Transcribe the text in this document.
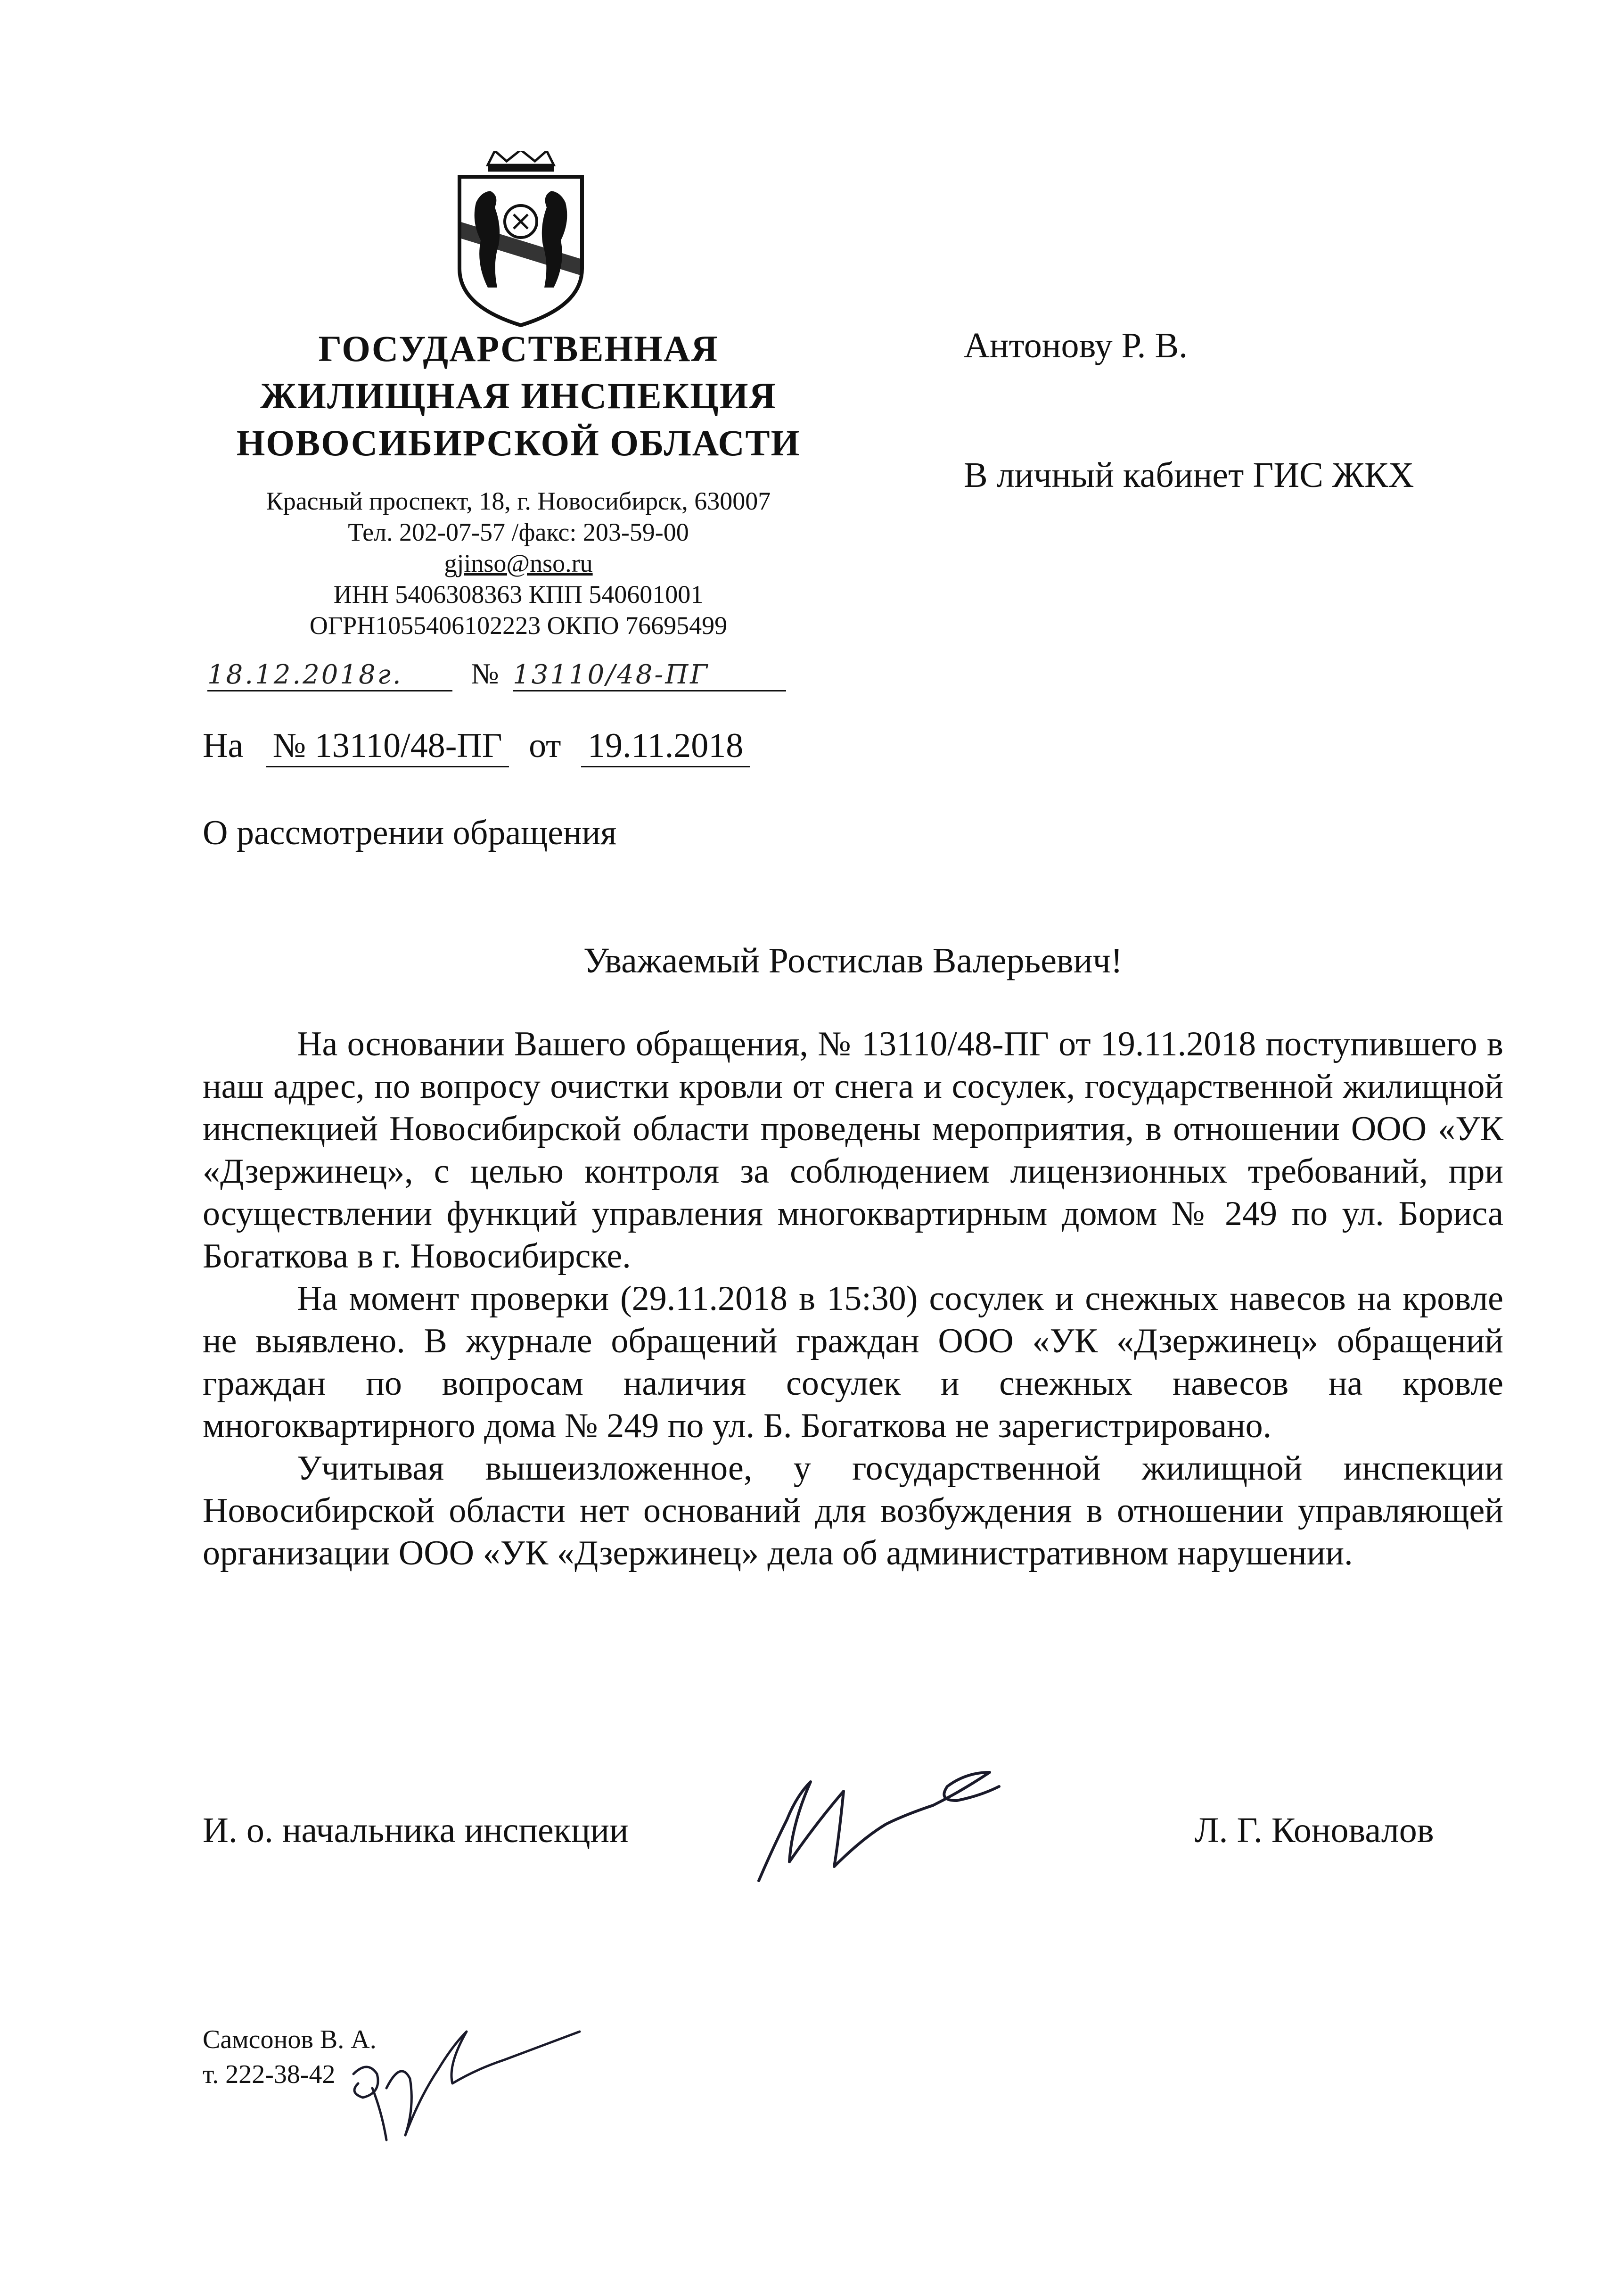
ГОСУДАРСТВЕННАЯ
ЖИЛИЩНАЯ ИНСПЕКЦИЯ
НОВОСИБИРСКОЙ ОБЛАСТИ
Красный проспект, 18, г. Новосибирск, 630007
Тел. 202-07-57 /факс: 203-59-00
gjinso@nso.ru
ИНН 5406308363 КПП 540601001
ОГРН1055406102223 ОКПО 76695499
18.12.2018г. № 13110/48-ПГ
На № 13110/48-ПГ от 19.11.2018
О рассмотрении обращения
Антонову Р. В.
В личный кабинет ГИС ЖКХ
Уважаемый Ростислав Валерьевич!

На основании Вашего обращения, № 13110/48-ПГ от 19.11.2018 поступившего в наш адрес, по вопросу очистки кровли от снега и сосулек, государственной жилищной инспекцией Новосибирской области проведены мероприятия, в отношении ООО «УК «Дзержинец», с целью контроля за соблюдением лицензионных требований, при осуществлении функций управления многоквартирным домом № 249 по ул. Бориса Богаткова в г. Новосибирске.

На момент проверки (29.11.2018 в 15:30) сосулек и снежных навесов на кровле не выявлено. В журнале обращений граждан ООО «УК «Дзержинец» обращений граждан по вопросам наличия сосулек и снежных навесов на кровле многоквартирного дома № 249 по ул. Б. Богаткова не зарегистрировано.

Учитывая вышеизложенное, у государственной жилищной инспекции Новосибирской области нет оснований для возбуждения в отношении управляющей организации ООО «УК «Дзержинец» дела об административном нарушении.

И. о. начальника инспекции	Л. Г. Коновалов
Самсонов В. А.
т. 222-38-42
